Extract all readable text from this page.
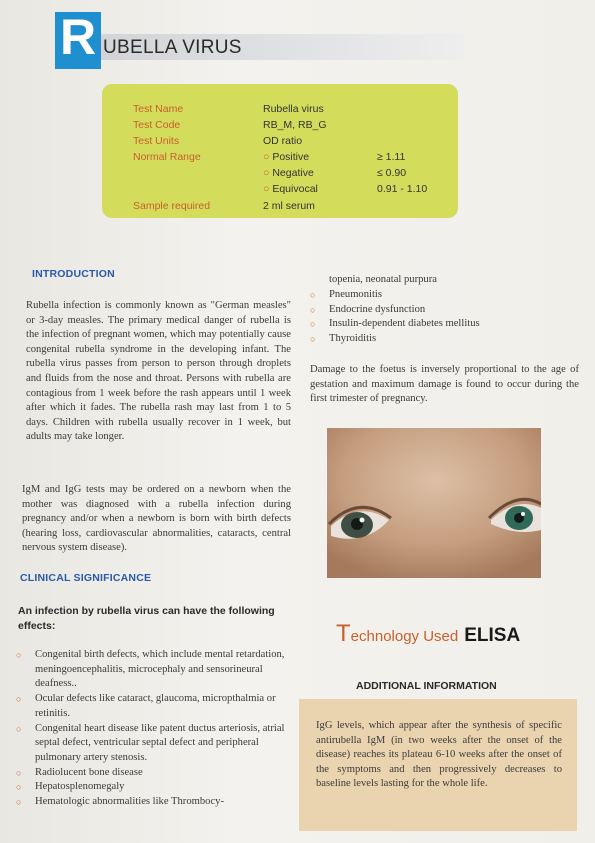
R UBELLA VIRUS
Test Name	Rubella virus
Test Code	RB_M, RB_G
Test Units	OD ratio
Normal Range	○ Positive	≥ 1.11
○ Negative	≤ 0.90
○ Equivocal	0.91 - 1.10
Sample required	2 ml serum
INTRODUCTION
Rubella infection is commonly known as "German measles" or 3-day measles. The primary medical danger of rubella is the infection of pregnant women, which may potentially cause congenital rubella syndrome in the developing infant. The rubella virus passes from person to person through droplets and fluids from the nose and throat. Persons with rubella are contagious from 1 week before the rash appears until 1 week after which it fades. The rubella rash may last from 1 to 5 days. Children with rubella usually recover in 1 week, but adults may take longer.
IgM and IgG tests may be ordered on a newborn when the mother was diagnosed with a rubella infection during pregnancy and/or when a newborn is born with birth defects (hearing loss, cardiovascular abnormalities, cataracts, central nervous system disease).
CLINICAL SIGNIFICANCE
An infection by rubella virus can have the following effects:
○ Congenital birth defects, which include mental retardation, meningoencephalitis, microcephaly and sensorineural deafness..
○ Ocular defects like cataract, glaucoma, micropthalmia or retinitis.
○ Congenital heart disease like patent ductus arteriosis, atrial septal defect, ventricular septal defect and peripheral pulmonary artery stenosis.
○ Radiolucent bone disease
○ Hepatosplenomegaly
○ Hematologic abnormalities like Thrombocy-
topenia, neonatal purpura
○ Pneumonitis
○ Endocrine dysfunction
○ Insulin-dependent diabetes mellitus
○ Thyroiditis
Damage to the foetus is inversely proportional to the age of gestation and maximum damage is found to occur during the first trimester of pregnancy.
Technology Used ELISA
ADDITIONAL INFORMATION
IgG levels, which appear after the synthesis of specific antirubella IgM (in two weeks after the onset of the disease) reaches its plateau 6-10 weeks after the onset of the symptoms and then progressively decreases to baseline levels lasting for the whole life.
